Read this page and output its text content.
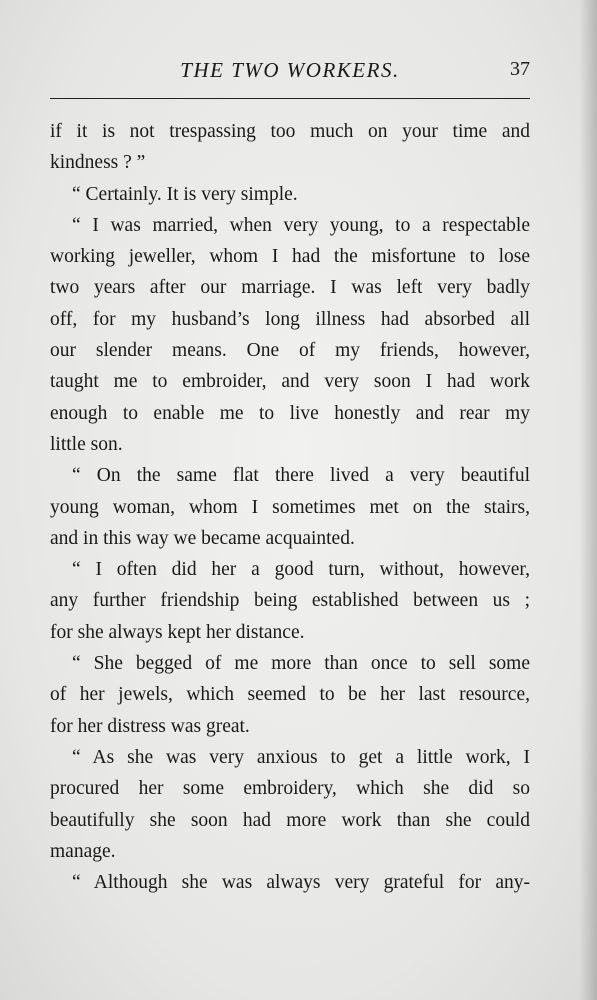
THE TWO WORKERS.	37
if it is not trespassing too much on your time and
kindness ? ”
“ Certainly. It is very simple.
“ I was married, when very young, to a respectable
working jeweller, whom I had the misfortune to lose
two years after our marriage. I was left very badly
off, for my husband’s long illness had absorbed all
our slender means. One of my friends, however,
taught me to embroider, and very soon I had work
enough to enable me to live honestly and rear my
little son.
“ On the same flat there lived a very beautiful
young woman, whom I sometimes met on the stairs,
and in this way we became acquainted.
“ I often did her a good turn, without, however,
any further friendship being established between us ;
for she always kept her distance.
“ She begged of me more than once to sell some
of her jewels, which seemed to be her last resource,
for her distress was great.
“ As she was very anxious to get a little work, I
procured her some embroidery, which she did so
beautifully she soon had more work than she could
manage.
“ Although she was always very grateful for any-
